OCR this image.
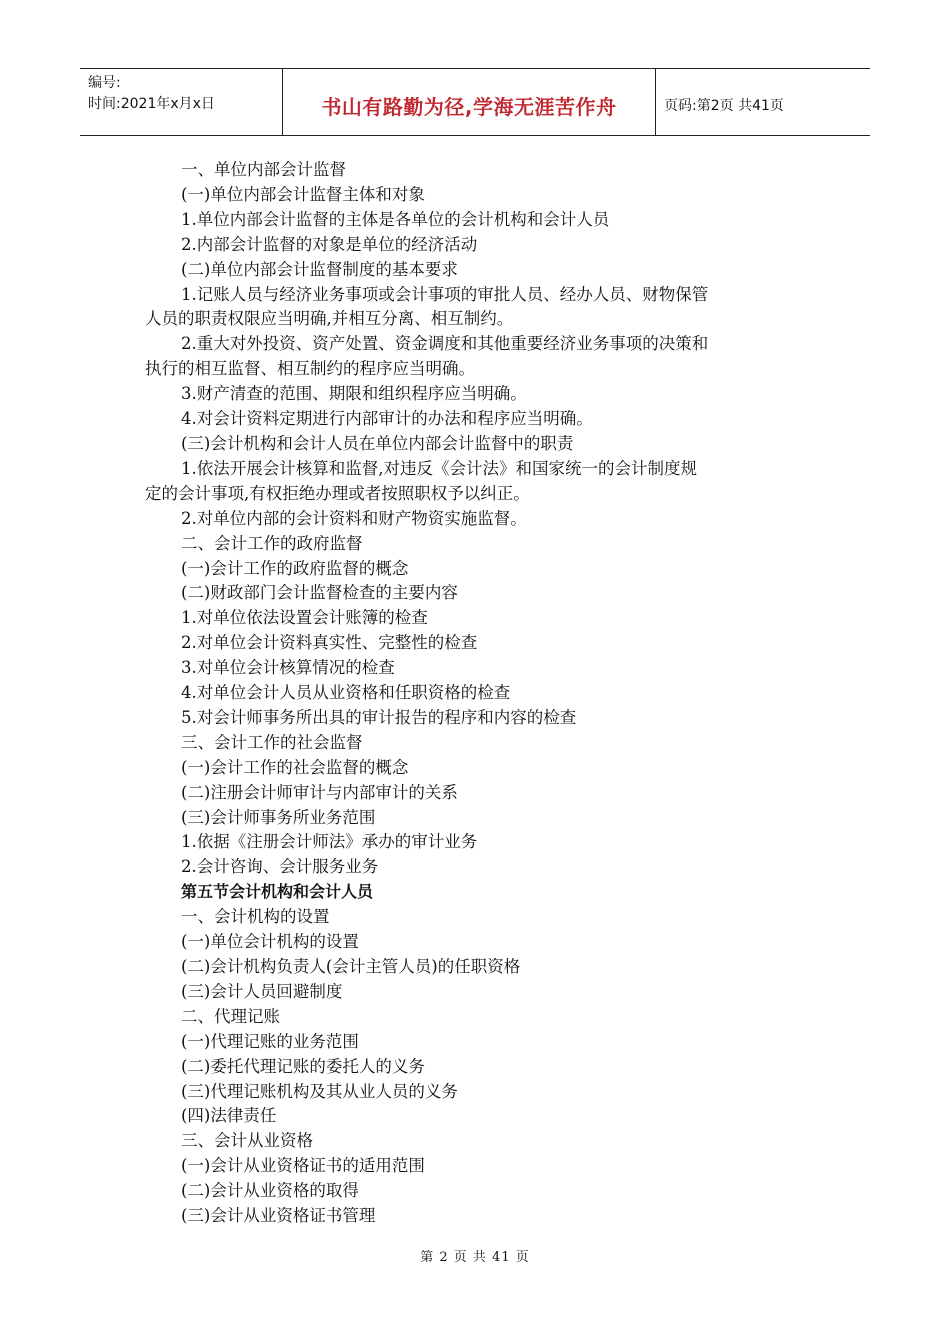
编号:
时间:2021年x月x日	书山有路勤为径,学海无涯苦作舟	页码:第2页 共41页
一、单位内部会计监督
(一)单位内部会计监督主体和对象
1.单位内部会计监督的主体是各单位的会计机构和会计人员
2.内部会计监督的对象是单位的经济活动
(二)单位内部会计监督制度的基本要求
1.记账人员与经济业务事项或会计事项的审批人员、经办人员、财物保管
人员的职责权限应当明确,并相互分离、相互制约。
2.重大对外投资、资产处置、资金调度和其他重要经济业务事项的决策和
执行的相互监督、相互制约的程序应当明确。
3.财产清查的范围、期限和组织程序应当明确。
4.对会计资料定期进行内部审计的办法和程序应当明确。
(三)会计机构和会计人员在单位内部会计监督中的职责
1.依法开展会计核算和监督,对违反《会计法》和国家统一的会计制度规
定的会计事项,有权拒绝办理或者按照职权予以纠正。
2.对单位内部的会计资料和财产物资实施监督。
二、会计工作的政府监督
(一)会计工作的政府监督的概念
(二)财政部门会计监督检查的主要内容
1.对单位依法设置会计账簿的检查
2.对单位会计资料真实性、完整性的检查
3.对单位会计核算情况的检查
4.对单位会计人员从业资格和任职资格的检查
5.对会计师事务所出具的审计报告的程序和内容的检查
三、会计工作的社会监督
(一)会计工作的社会监督的概念
(二)注册会计师审计与内部审计的关系
(三)会计师事务所业务范围
1.依据《注册会计师法》承办的审计业务
2.会计咨询、会计服务业务
第五节会计机构和会计人员
一、会计机构的设置
(一)单位会计机构的设置
(二)会计机构负责人(会计主管人员)的任职资格
(三)会计人员回避制度
二、代理记账
(一)代理记账的业务范围
(二)委托代理记账的委托人的义务
(三)代理记账机构及其从业人员的义务
(四)法律责任
三、会计从业资格
(一)会计从业资格证书的适用范围
(二)会计从业资格的取得
(三)会计从业资格证书管理
第 2 页 共 41 页
